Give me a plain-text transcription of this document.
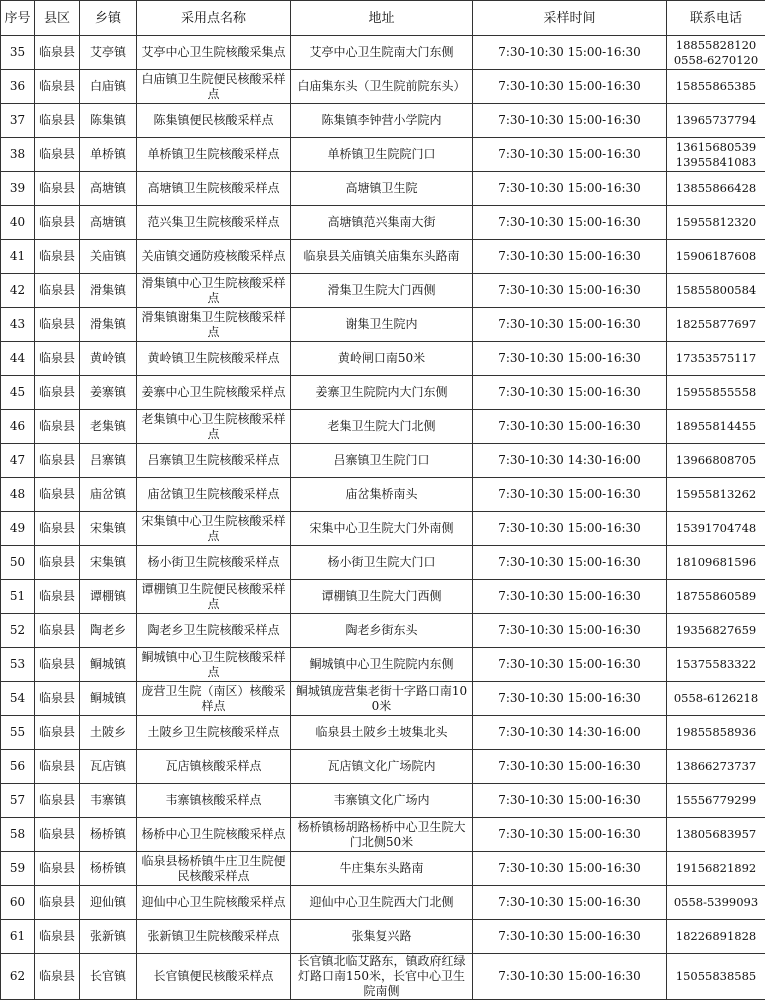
序号	县区	乡镇	采用点名称	地址	采样时间	联系电话
35	临泉县	艾亭镇	艾亭中心卫生院核酸采集点	艾亭中心卫生院南大门东侧	7:30-10:30 15:00-16:30	18855828120
0558-6270120

36	临泉县	白庙镇	白庙镇卫生院便民核酸采样点	白庙集东头（卫生院前院东头）	7:30-10:30 15:00-16:30	15855865385

37	临泉县	陈集镇	陈集镇便民核酸采样点	陈集镇李钟营小学院内	7:30-10:30 15:00-16:30	13965737794

38	临泉县	单桥镇	单桥镇卫生院核酸采样点	单桥镇卫生院院门口	7:30-10:30 15:00-16:30	13615680539
13955841083

39	临泉县	高塘镇	高塘镇卫生院核酸采样点	高塘镇卫生院	7:30-10:30 15:00-16:30	13855866428

40	临泉县	高塘镇	范兴集卫生院核酸采样点	高塘镇范兴集南大街	7:30-10:30 15:00-16:30	15955812320

41	临泉县	关庙镇	关庙镇交通防疫核酸采样点	临泉县关庙镇关庙集东头路南	7:30-10:30 15:00-16:30	15906187608

42	临泉县	滑集镇	滑集镇中心卫生院核酸采样点	滑集卫生院大门西侧	7:30-10:30 15:00-16:30	15855800584

43	临泉县	滑集镇	滑集镇谢集卫生院核酸采样点	谢集卫生院内	7:30-10:30 15:00-16:30	18255877697

44	临泉县	黄岭镇	黄岭镇卫生院核酸采样点	黄岭闸口南50米	7:30-10:30 15:00-16:30	17353575117

45	临泉县	姜寨镇	姜寨中心卫生院核酸采样点	姜寨卫生院院内大门东侧	7:30-10:30 15:00-16:30	15955855558

46	临泉县	老集镇	老集镇中心卫生院核酸采样点	老集卫生院大门北侧	7:30-10:30 15:00-16:30	18955814455

47	临泉县	吕寨镇	吕寨镇卫生院核酸采样点	吕寨镇卫生院门口	7:30-10:30 14:30-16:00	13966808705

48	临泉县	庙岔镇	庙岔镇卫生院核酸采样点	庙岔集桥南头	7:30-10:30 15:00-16:30	15955813262

49	临泉县	宋集镇	宋集镇中心卫生院核酸采样点	宋集中心卫生院大门外南侧	7:30-10:30 15:00-16:30	15391704748

50	临泉县	宋集镇	杨小街卫生院核酸采样点	杨小街卫生院大门口	7:30-10:30 15:00-16:30	18109681596

51	临泉县	谭棚镇	谭棚镇卫生院便民核酸采样点	谭棚镇卫生院大门西侧	7:30-10:30 15:00-16:30	18755860589

52	临泉县	陶老乡	陶老乡卫生院核酸采样点	陶老乡街东头	7:30-10:30 15:00-16:30	19356827659

53	临泉县	鲖城镇	鲖城镇中心卫生院核酸采样点	鲖城镇中心卫生院院内东侧	7:30-10:30 15:00-16:30	15375583322

54	临泉县	鲖城镇	庞营卫生院（南区）核酸采样点	鲖城镇庞营集老街十字路口南100米	7:30-10:30 15:00-16:30	0558-6126218

55	临泉县	土陂乡	土陂乡卫生院核酸采样点	临泉县土陂乡土坡集北头	7:30-10:30 14:30-16:00	19855858936

56	临泉县	瓦店镇	瓦店镇核酸采样点	瓦店镇文化广场院内	7:30-10:30 15:00-16:30	13866273737

57	临泉县	韦寨镇	韦寨镇核酸采样点	韦寨镇文化广场内	7:30-10:30 15:00-16:30	15556779299

58	临泉县	杨桥镇	杨桥中心卫生院核酸采样点	杨桥镇杨胡路杨桥中心卫生院大门北侧50米	7:30-10:30 15:00-16:30	13805683957

59	临泉县	杨桥镇	临泉县杨桥镇牛庄卫生院便民核酸采样点	牛庄集东头路南	7:30-10:30 15:00-16:30	19156821892

60	临泉县	迎仙镇	迎仙中心卫生院核酸采样点	迎仙中心卫生院西大门北侧	7:30-10:30 15:00-16:30	0558-5399093

61	临泉县	张新镇	张新镇卫生院核酸采样点	张集复兴路	7:30-10:30 15:00-16:30	18226891828

62	临泉县	长官镇	长官镇便民核酸采样点	长官镇北临艾路东，镇政府红绿灯路口南150米，长官中心卫生院南侧	7:30-10:30 15:00-16:30	15055838585
